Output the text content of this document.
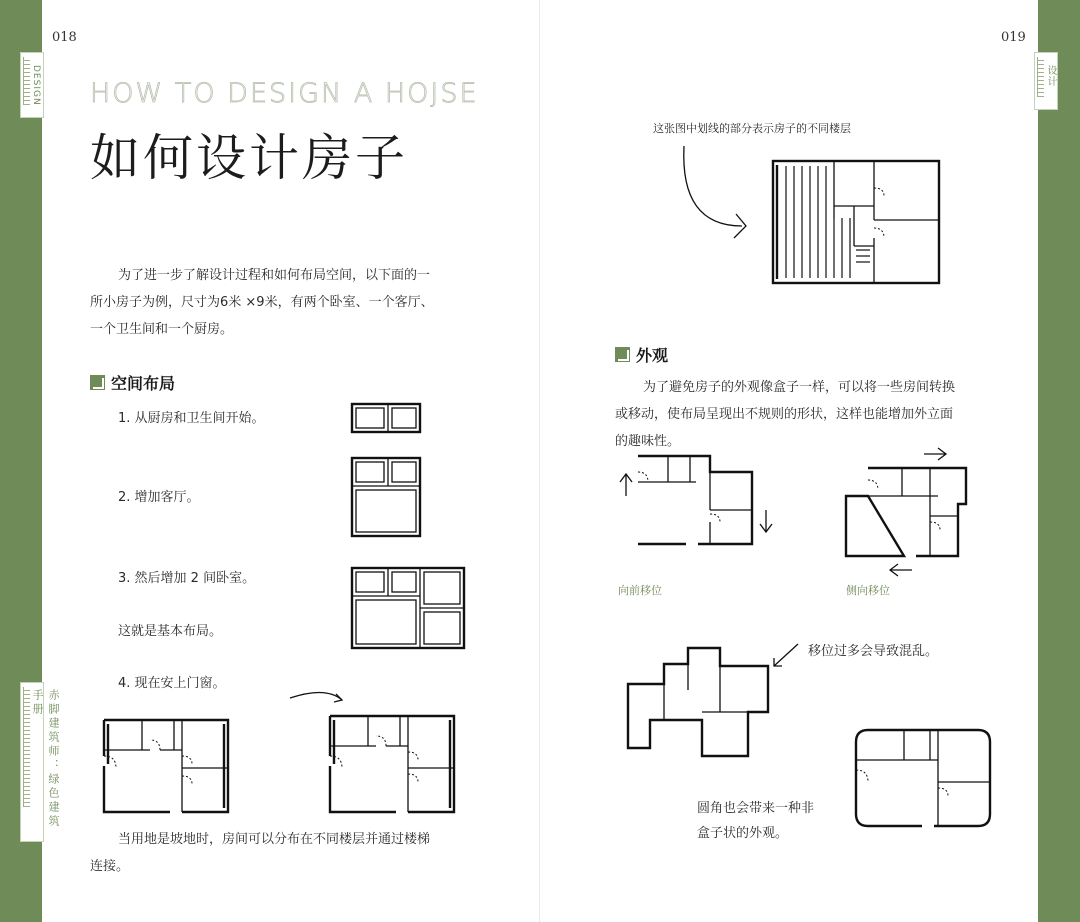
018	019
DESIGN	设计
赤脚建筑师：绿色建筑手册
HOW TO DESIGN A HOJSE
如何设计房子
为了进一步了解设计过程和如何布局空间，以下面的一
所小房子为例，尺寸为6米 ×9米，有两个卧室、一个客厅、
一个卫生间和一个厨房。
空间布局
1. 从厨房和卫生间开始。
2. 增加客厅。
3. 然后增加 2 间卧室。
这就是基本布局。
4. 现在安上门窗。
当用地是坡地时，房间可以分布在不同楼层并通过楼梯
连接。
这张图中划线的部分表示房子的不同楼层
外观
为了避免房子的外观像盒子一样，可以将一些房间转换
或移动，使布局呈现出不规则的形状，这样也能增加外立面
的趣味性。
向前移位	侧向移位
移位过多会导致混乱。
圆角也会带来一种非
盒子状的外观。
